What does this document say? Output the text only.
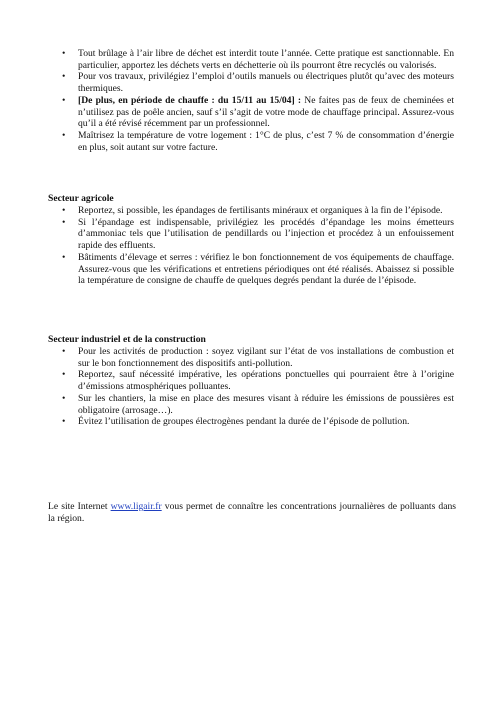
•	Tout brûlage à l’air libre de déchet est interdit toute l’année. Cette pratique est sanctionnable. En particulier, apportez les déchets verts en déchetterie où ils pourront être recyclés ou valorisés.
•	Pour vos travaux, privilégiez l’emploi d’outils manuels ou électriques plutôt qu’avec des moteurs thermiques.
•	[De plus, en période de chauffe : du 15/11 au 15/04] : Ne faites pas de feux de cheminées et n’utilisez pas de poêle ancien, sauf s’il s’agit de votre mode de chauffage principal. Assurez-vous qu’il a été révisé récemment par un professionnel.
•	Maîtrisez la température de votre logement : 1°C de plus, c’est 7 % de consommation d’énergie en plus, soit autant sur votre facture.
Secteur agricole
•	Reportez, si possible, les épandages de fertilisants minéraux et organiques à la fin de l’épisode.
•	Si l’épandage est indispensable, privilégiez les procédés d’épandage les moins émetteurs d’ammoniac tels que l’utilisation de pendillards ou l’injection et procédez à un enfouissement rapide des effluents.
•	Bâtiments d’élevage et serres : vérifiez le bon fonctionnement de vos équipements de chauffage. Assurez-vous que les vérifications et entretiens périodiques ont été réalisés. Abaissez si possible la température de consigne de chauffe de quelques degrés pendant la durée de l’épisode.
Secteur industriel et de la construction
•	Pour les activités de production : soyez vigilant sur l’état de vos installations de combustion et sur le bon fonctionnement des dispositifs anti-pollution.
•	Reportez, sauf nécessité impérative, les opérations ponctuelles qui pourraient être à l’origine d’émissions atmosphériques polluantes.
•	Sur les chantiers, la mise en place des mesures visant à réduire les émissions de poussières est obligatoire (arrosage…).
•	Évitez l’utilisation de groupes électrogènes pendant la durée de l’épisode de pollution.

Le site Internet www.ligair.fr vous permet de connaître les concentrations journalières de polluants dans la région.
